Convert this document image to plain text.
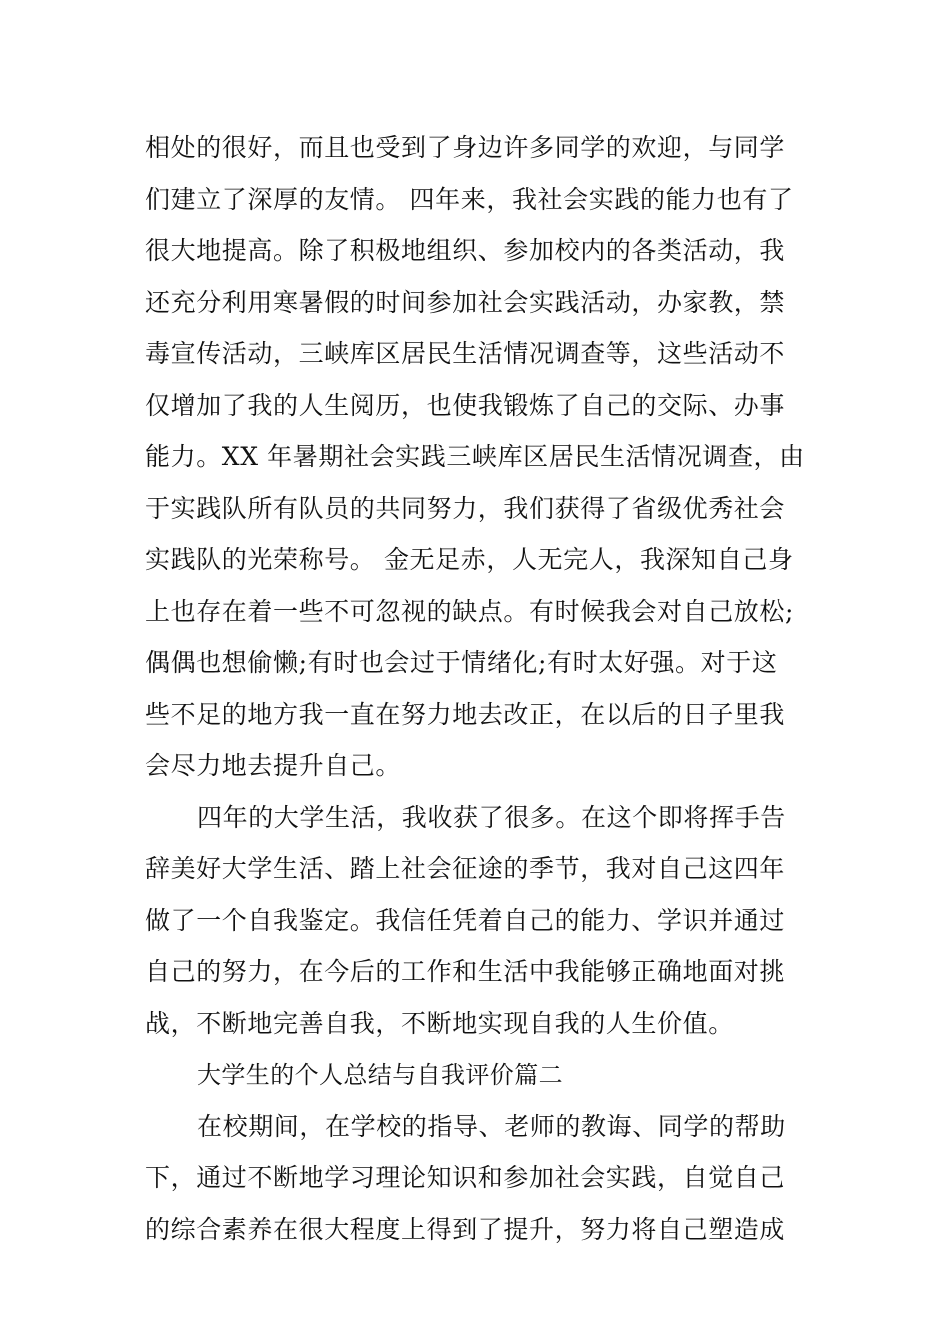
相处的很好，而且也受到了身边许多同学的欢迎，与同学
们建立了深厚的友情。 四年来，我社会实践的能力也有了
很大地提高。除了积极地组织、参加校内的各类活动，我
还充分利用寒暑假的时间参加社会实践活动，办家教，禁
毒宣传活动，三峡库区居民生活情况调查等，这些活动不
仅增加了我的人生阅历，也使我锻炼了自己的交际、办事
能力。XX 年暑期社会实践三峡库区居民生活情况调查，由
于实践队所有队员的共同努力，我们获得了省级优秀社会
实践队的光荣称号。 金无足赤，人无完人，我深知自己身
上也存在着一些不可忽视的缺点。有时候我会对自己放松;
偶偶也想偷懒;有时也会过于情绪化;有时太好强。对于这
些不足的地方我一直在努力地去改正，在以后的日子里我
会尽力地去提升自己。
四年的大学生活，我收获了很多。在这个即将挥手告
辞美好大学生活、踏上社会征途的季节，我对自己这四年
做了一个自我鉴定。我信任凭着自己的能力、学识并通过
自己的努力，在今后的工作和生活中我能够正确地面对挑
战，不断地完善自我，不断地实现自我的人生价值。
大学生的个人总结与自我评价篇二
在校期间，在学校的指导、老师的教诲、同学的帮助
下，通过不断地学习理论知识和参加社会实践，自觉自己
的综合素养在很大程度上得到了提升，努力将自己塑造成
